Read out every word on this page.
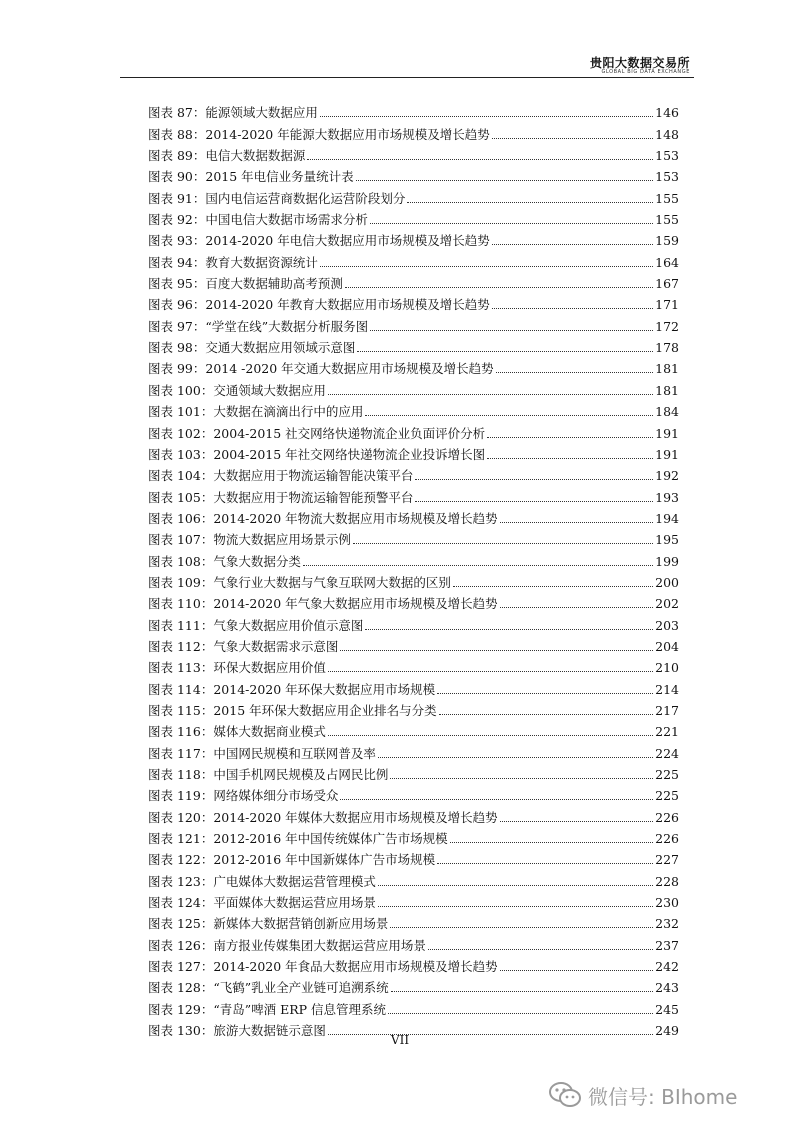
贵阳大数据交易所
GLOBAL BIG DATA EXCHANGE
图表 87： 能源领域大数据应用	146
图表 88： 2014-2020 年能源大数据应用市场规模及增长趋势	148
图表 89： 电信大数据数据源	153
图表 90： 2015 年电信业务量统计表	153
图表 91： 国内电信运营商数据化运营阶段划分	155
图表 92： 中国电信大数据市场需求分析	155
图表 93： 2014-2020 年电信大数据应用市场规模及增长趋势	159
图表 94： 教育大数据资源统计	164
图表 95： 百度大数据辅助高考预测	167
图表 96： 2014-2020 年教育大数据应用市场规模及增长趋势	171
图表 97： “学堂在线”大数据分析服务图	172
图表 98： 交通大数据应用领域示意图	178
图表 99： 2014 -2020 年交通大数据应用市场规模及增长趋势	181
图表 100： 交通领域大数据应用	181
图表 101： 大数据在滴滴出行中的应用	184
图表 102： 2004-2015 社交网络快递物流企业负面评价分析	191
图表 103： 2004-2015 年社交网络快递物流企业投诉增长图	191
图表 104： 大数据应用于物流运输智能决策平台	192
图表 105： 大数据应用于物流运输智能预警平台	193
图表 106： 2014-2020 年物流大数据应用市场规模及增长趋势	194
图表 107： 物流大数据应用场景示例	195
图表 108： 气象大数据分类	199
图表 109： 气象行业大数据与气象互联网大数据的区别	200
图表 110： 2014-2020 年气象大数据应用市场规模及增长趋势	202
图表 111： 气象大数据应用价值示意图	203
图表 112： 气象大数据需求示意图	204
图表 113： 环保大数据应用价值	210
图表 114： 2014-2020 年环保大数据应用市场规模	214
图表 115： 2015 年环保大数据应用企业排名与分类	217
图表 116： 媒体大数据商业模式	221
图表 117： 中国网民规模和互联网普及率	224
图表 118： 中国手机网民规模及占网民比例	225
图表 119： 网络媒体细分市场受众	225
图表 120： 2014-2020 年媒体大数据应用市场规模及增长趋势	226
图表 121： 2012-2016 年中国传统媒体广告市场规模	226
图表 122： 2012-2016 年中国新媒体广告市场规模	227
图表 123： 广电媒体大数据运营管理模式	228
图表 124： 平面媒体大数据运营应用场景	230
图表 125： 新媒体大数据营销创新应用场景	232
图表 126： 南方报业传媒集团大数据运营应用场景	237
图表 127： 2014-2020 年食品大数据应用市场规模及增长趋势	242
图表 128： “飞鹤”乳业全产业链可追溯系统	243
图表 129： “青岛”啤酒 ERP 信息管理系统	245
图表 130： 旅游大数据链示意图	249
VII
微信号: BIhome
